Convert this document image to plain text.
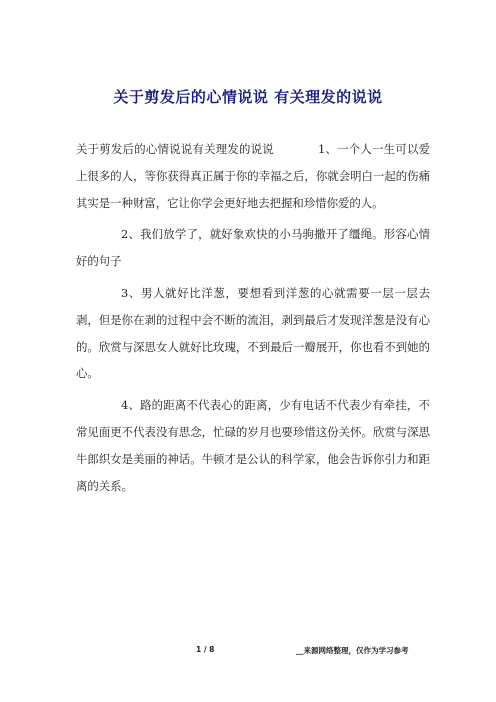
关于剪发后的心情说说 有关理发的说说

关于剪发后的心情说说有关理发的说说	1、一个人一生可以爱上很多的人，等你获得真正属于你的幸福之后，你就会明白一起的伤痛其实是一种财富，它让你学会更好地去把握和珍惜你爱的人。

2、我们放学了，就好象欢快的小马驹撒开了缰绳。形容心情好的句子

3、男人就好比洋葱，要想看到洋葱的心就需要一层一层去剥，但是你在剥的过程中会不断的流泪，剥到最后才发现洋葱是没有心的。欣赏与深思女人就好比玫瑰，不到最后一瓣展开，你也看不到她的心。

4、路的距离不代表心的距离，少有电话不代表少有牵挂，不常见面更不代表没有思念，忙碌的岁月也要珍惜这份关怀。欣赏与深思牛郎织女是美丽的神话。牛顿才是公认的科学家，他会告诉你引力和距离的关系。

1 / 8	__来源网络整理，仅作为学习参考
